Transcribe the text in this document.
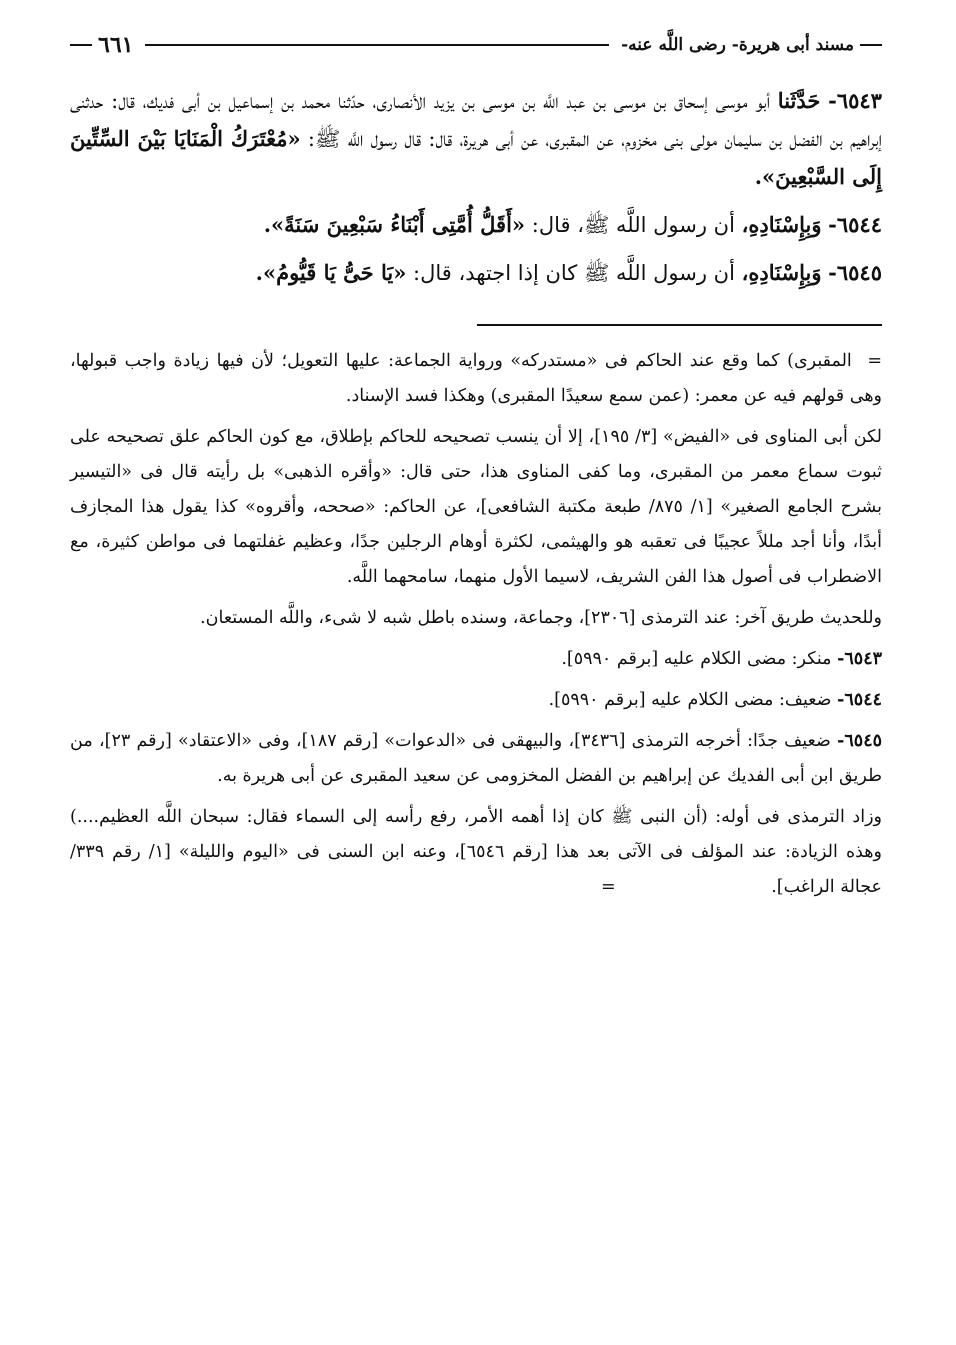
مسند أبى هريرة- رضى اللَّه عنه-
٦٦١

٦٥٤٣- حَدَّثَنا أبو موسى إسحاق بن موسى بن عبد اللَّه بن موسى بن يزيد الأنصارى، حدّثنا محمد بن إسماعيل بن أبى فديك، قال: حدثنى إبراهيم بن الفضل بن سليمان مولى بنى مخزوم، عن المقبرى، عن أبى هريرة، قال: قال رسول اللَّه ﷺ: «مُعْتَرَكُ الْمَنَايَا بَيْنَ السِّتِّينَ إِلَى السَّبْعِينَ».

٦٥٤٤- وَبِإِسْنَادِهِ، أن رسول اللَّه ﷺ، قال: «أَقَلُّ أُمَّتِى أَبْنَاءُ سَبْعِينَ سَنَةً».

٦٥٤٥- وَبِإِسْنَادِهِ، أن رسول اللَّه ﷺ كان إذا اجتهد، قال: «يَا حَىُّ يَا قَيُّومُ».

= المقبرى) كما وقع عند الحاكم فى «مستدركه» ورواية الجماعة: عليها التعويل؛ لأن فيها زيادة واجب قبولها، وهى قولهم فيه عن معمر: (عمن سمع سعيدًا المقبرى) وهكذا فسد الإسناد.

لكن أبى المناوى فى «الفيض» [٣/ ١٩٥]، إلا أن ينسب تصحيحه للحاكم بإطلاق، مع كون الحاكم علق تصحيحه على ثبوت سماع معمر من المقبرى، وما كفى المناوى هذا، حتى قال: «وأقره الذهبى» بل رأيته قال فى «التيسير بشرح الجامع الصغير» [١/ ٨٧٥/ طبعة مكتبة الشافعى]، عن الحاكم: «صححه، وأقروه» كذا يقول هذا المجازف أبدًا، وأنا أجد مللاً عجيبًا فى تعقبه هو والهيثمى، لكثرة أوهام الرجلين جدًا، وعظيم غفلتهما فى مواطن كثيرة، مع الاضطراب فى أصول هذا الفن الشريف، لاسيما الأول منهما، سامحهما اللَّه.

وللحديث طريق آخر: عند الترمذى [٢٣٠٦]، وجماعة، وسنده باطل شبه لا شىء، واللَّه المستعان.

٦٥٤٣- منكر: مضى الكلام عليه [برقم ٥٩٩٠].

٦٥٤٤- ضعيف: مضى الكلام عليه [برقم ٥٩٩٠].

٦٥٤٥- ضعيف جدًا: أخرجه الترمذى [٣٤٣٦]، والبيهقى فى «الدعوات» [رقم ١٨٧]، وفى «الاعتقاد» [رقم ٢٣]، من طريق ابن أبى الفديك عن إبراهيم بن الفضل المخزومى عن سعيد المقبرى عن أبى هريرة به.

وزاد الترمذى فى أوله: (أن النبى ﷺ كان إذا أهمه الأمر، رفع رأسه إلى السماء فقال: سبحان اللَّه العظيم....) وهذه الزيادة: عند المؤلف فى الآتى بعد هذا [رقم ٦٥٤٦]، وعنه ابن السنى فى «اليوم والليلة» [١/ رقم ٣٣٩/ عجالة الراغب]. =
